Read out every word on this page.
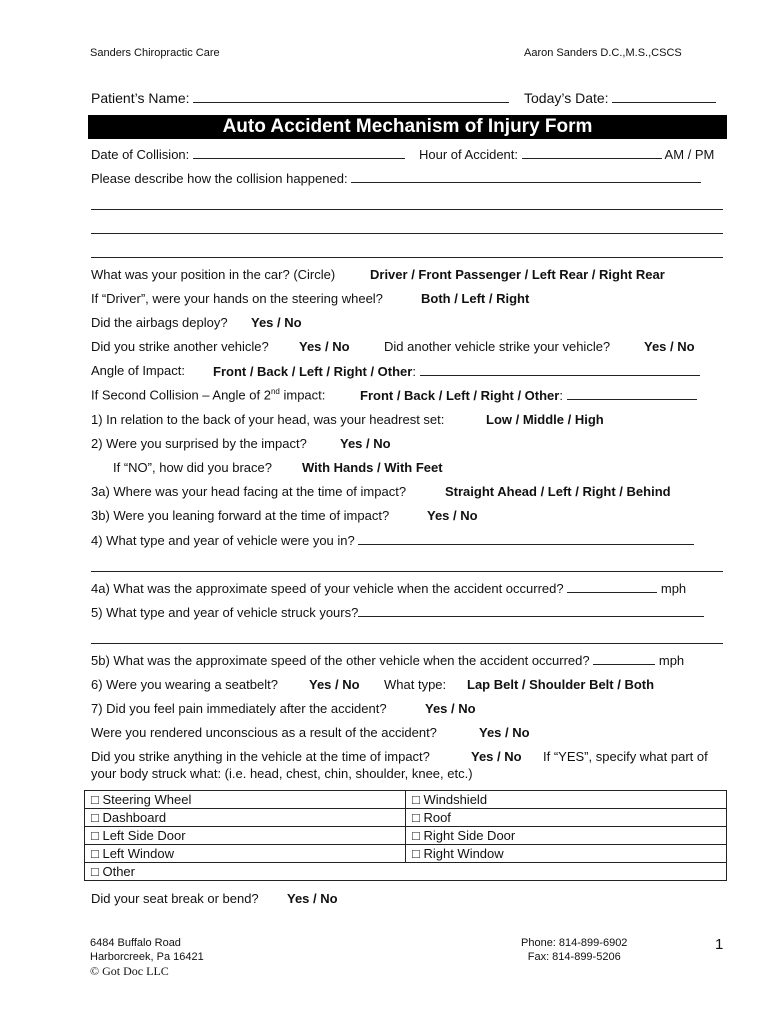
Sanders Chiropractic Care	Aaron Sanders D.C.,M.S.,CSCS
Patient’s Name:	Today’s Date:
Auto Accident Mechanism of Injury Form
Date of Collision:	Hour of Accident:	AM / PM
Please describe how the collision happened:
What was your position in the car? (Circle)	Driver / Front Passenger / Left Rear / Right Rear
If “Driver”, were your hands on the steering wheel?	Both / Left / Right
Did the airbags deploy? Yes / No
Did you strike another vehicle? Yes / No	Did another vehicle strike your vehicle?	Yes / No
Angle of Impact: Front / Back / Left / Right / Other:
If Second Collision – Angle of 2nd impact:	Front / Back / Left / Right / Other:
1) In relation to the back of your head, was your headrest set:	Low / Middle / High
2) Were you surprised by the impact?	Yes / No
If “NO”, how did you brace? With Hands / With Feet
3a) Where was your head facing at the time of impact?	Straight Ahead / Left / Right / Behind
3b) Were you leaning forward at the time of impact?	Yes / No
4) What type and year of vehicle were you in?
4a) What was the approximate speed of your vehicle when the accident occurred?	mph
5) What type and year of vehicle struck yours?
5b) What was the approximate speed of the other vehicle when the accident occurred?	mph
6) Were you wearing a seatbelt? Yes / No What type: Lap Belt / Shoulder Belt / Both
7) Did you feel pain immediately after the accident?	Yes / No
Were you rendered unconscious as a result of the accident?	Yes / No
Did you strike anything in the vehicle at the time of impact?	Yes / No If “YES”, specify what part of
your body struck what: (i.e. head, chest, chin, shoulder, knee, etc.)
□ Steering Wheel	□ Windshield
□ Dashboard	□ Roof
□ Left Side Door	□ Right Side Door
□ Left Window	□ Right Window
□ Other	
Did your seat break or bend? Yes / No
6484 Buffalo Road
Harborcreek, Pa 16421
© Got Doc LLC
Phone: 814-899-6902
Fax: 814-899-5206
1
